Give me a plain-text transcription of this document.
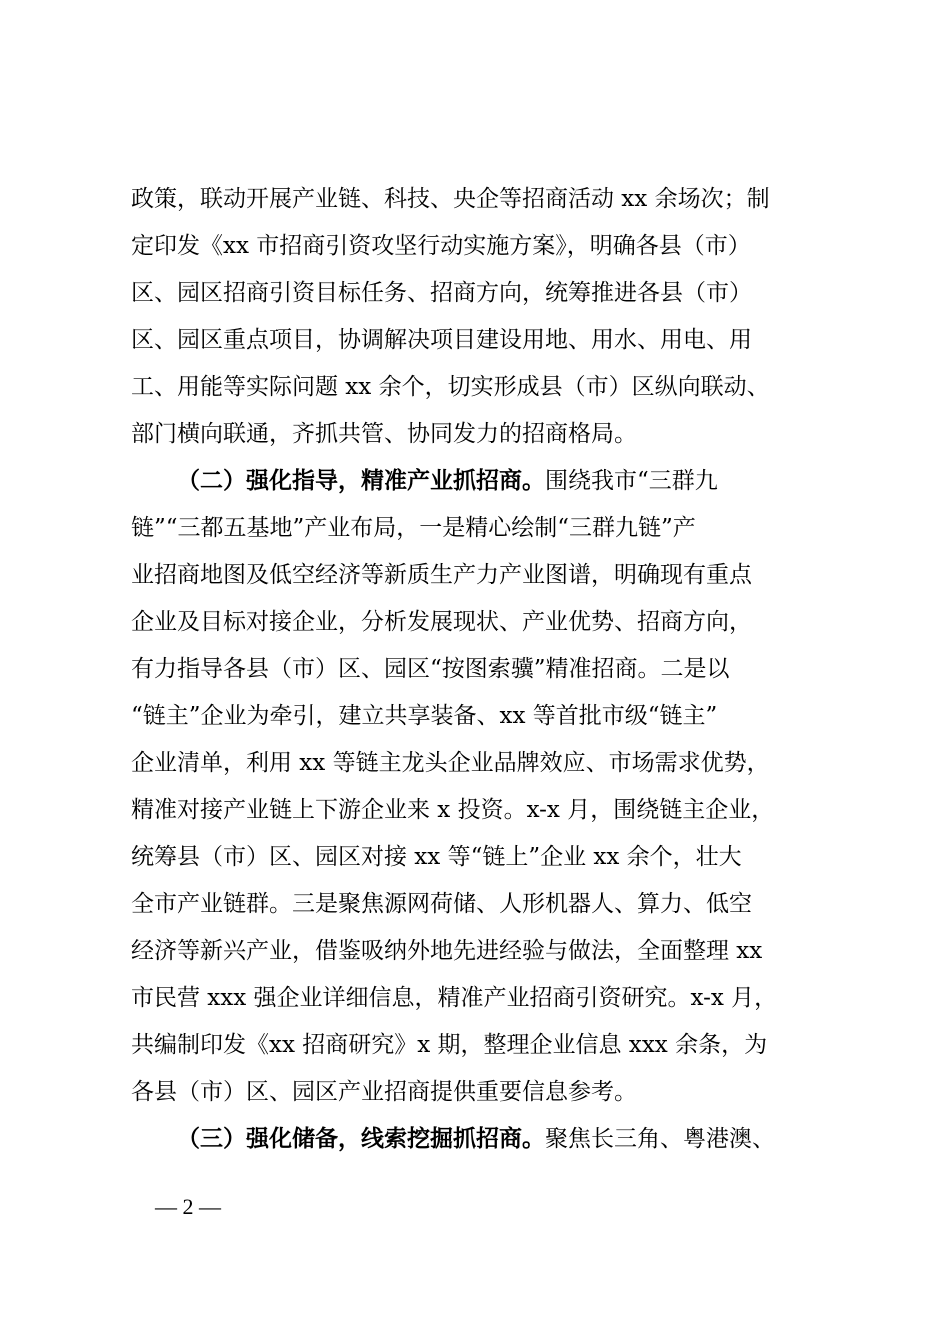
政策，联动开展产业链、科技、央企等招商活动 xx 余场次；制
定印发《xx 市招商引资攻坚行动实施方案》，明确各县（市）
区、园区招商引资目标任务、招商方向，统筹推进各县（市）
区、园区重点项目，协调解决项目建设用地、用水、用电、用
工、用能等实际问题 xx 余个，切实形成县（市）区纵向联动、
部门横向联通，齐抓共管、协同发力的招商格局。
（二）强化指导，精准产业抓招商。围绕我市“三群九
链”“三都五基地”产业布局，一是精心绘制“三群九链”产
业招商地图及低空经济等新质生产力产业图谱，明确现有重点
企业及目标对接企业，分析发展现状、产业优势、招商方向，
有力指导各县（市）区、园区“按图索骥”精准招商。二是以
“链主”企业为牵引，建立共享装备、xx 等首批市级“链主”
企业清单，利用 xx 等链主龙头企业品牌效应、市场需求优势，
精准对接产业链上下游企业来 x 投资。x-x 月，围绕链主企业，
统筹县（市）区、园区对接 xx 等“链上”企业 xx 余个，壮大
全市产业链群。三是聚焦源网荷储、人形机器人、算力、低空
经济等新兴产业，借鉴吸纳外地先进经验与做法，全面整理 xx
市民营 xxx 强企业详细信息，精准产业招商引资研究。x-x 月，
共编制印发《xx 招商研究》x 期，整理企业信息 xxx 余条，为
各县（市）区、园区产业招商提供重要信息参考。
（三）强化储备，线索挖掘抓招商。聚焦长三角、粤港澳、
— 2 —
